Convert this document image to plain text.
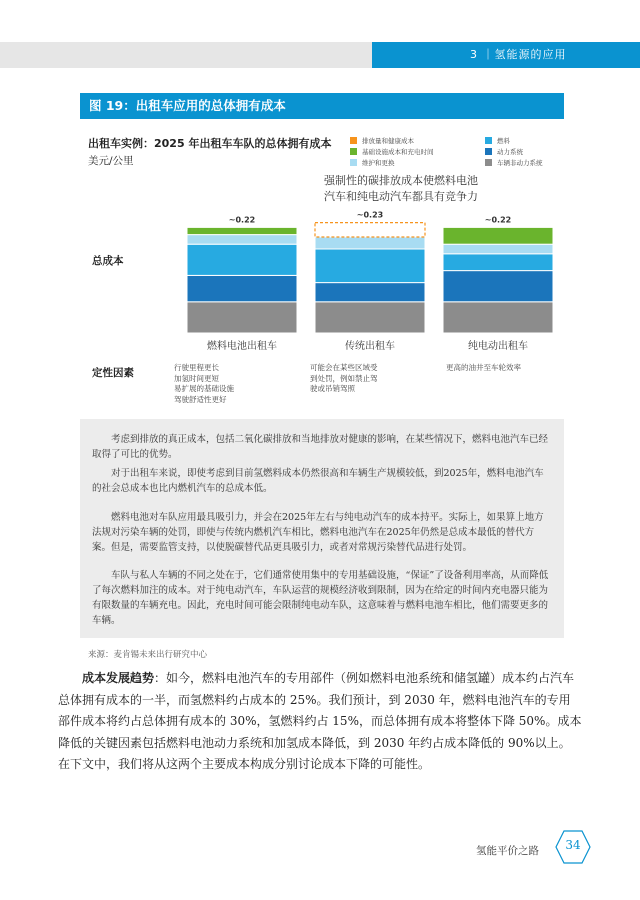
3 ｜氢能源的应用
图 19：出租车应用的总体拥有成本
出租车实例：2025 年出租车车队的总体拥有成本
美元/公里
排放量和健康成本	燃料
基础设施成本和充电时间	动力系统
维护和更换	车辆非动力系统
强制性的碳排放成本使燃料电池汽车和纯电动汽车都具有竞争力
总成本
定性因素
~0.22
燃料电池出租车
~0.23
传统出租车
~0.22
纯电动出租车
行驶里程更长
加氢时间更短
易扩展的基础设施
驾驶舒适性更好
可能会在某些区域受
到处罚，例如禁止驾
驶或吊销驾照
更高的油井至车轮效率
考虑到排放的真正成本，包括二氧化碳排放和当地排放对健康的影响，在某些情况下，燃料电池汽车已经取得了可比的优势。
对于出租车来说，即使考虑到目前氢燃料成本仍然很高和车辆生产规模较低，到2025年，燃料电池汽车的社会总成本也比内燃机汽车的总成本低。
燃料电池对车队应用最具吸引力，并会在2025年左右与纯电动汽车的成本持平。实际上，如果算上地方法规对污染车辆的处罚，即使与传统内燃机汽车相比，燃料电池汽车在2025年仍然是总成本最低的替代方案。但是，需要监管支持，以使脱碳替代品更具吸引力，或者对常规污染替代品进行处罚。
车队与私人车辆的不同之处在于，它们通常使用集中的专用基础设施，“保证”了设备利用率高，从而降低了每次燃料加注的成本。对于纯电动汽车，车队运营的规模经济收到限制，因为在给定的时间内充电器只能为有限数量的车辆充电。因此，充电时间可能会限制纯电动车队，这意味着与燃料电池车相比，他们需要更多的车辆。
来源：麦肯锡未来出行研究中心
成本发展趋势：如今，燃料电池汽车的专用部件（例如燃料电池系统和储氢罐）成本约占汽车总体拥有成本的一半，而氢燃料约占成本的 25%。我们预计，到 2030 年，燃料电池汽车的专用部件成本将约占总体拥有成本的 30%，氢燃料约占 15%，而总体拥有成本将整体下降 50%。成本降低的关键因素包括燃料电池动力系统和加氢成本降低，到 2030 年约占成本降低的 90%以上。在下文中，我们将从这两个主要成本构成分别讨论成本下降的可能性。
氢能平价之路	34
